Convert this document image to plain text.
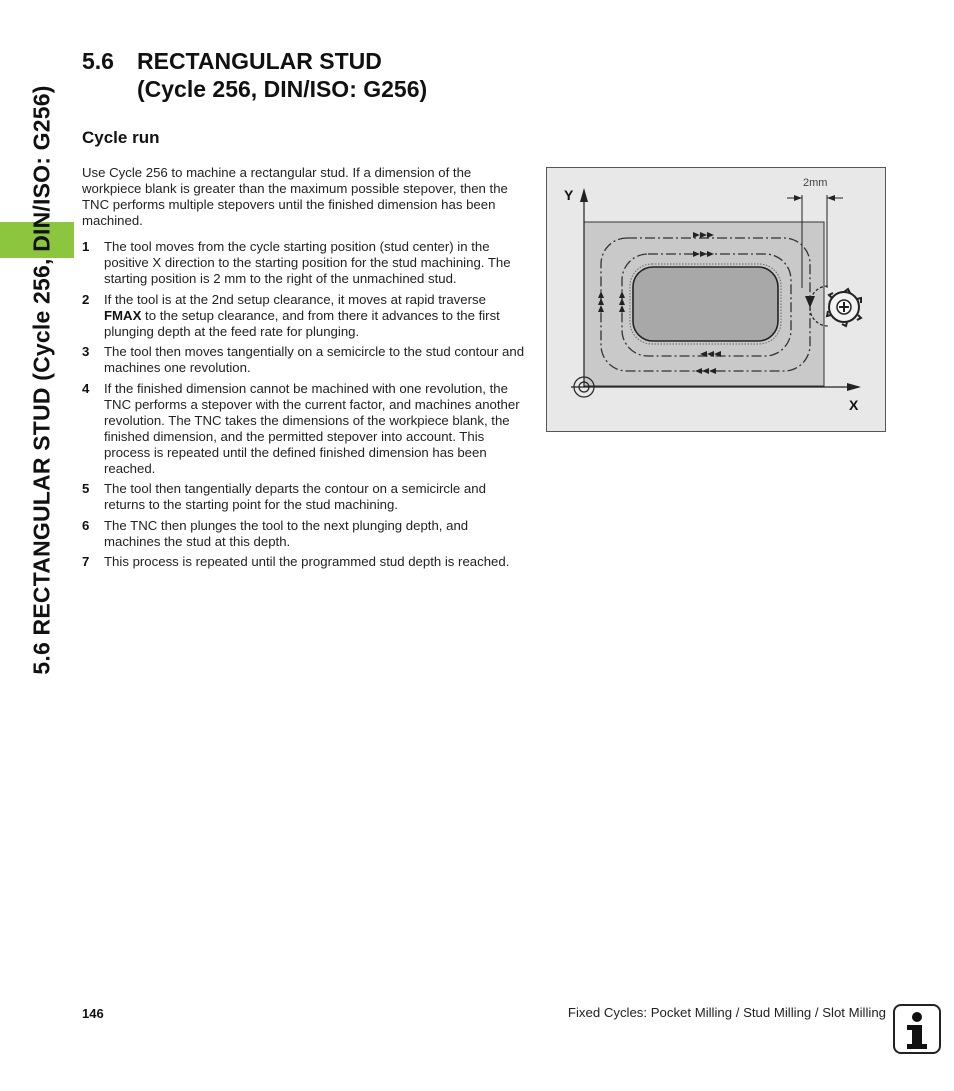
5.6 RECTANGULAR STUD (Cycle 256, DIN/ISO: G256)
5.6 RECTANGULAR STUD
(Cycle 256, DIN/ISO: G256)
Cycle run
Use Cycle 256 to machine a rectangular stud. If a dimension of the workpiece blank is greater than the maximum possible stepover, then the TNC performs multiple stepovers until the finished dimension has been machined.
1	The tool moves from the cycle starting position (stud center) in the positive X direction to the starting position for the stud machining. The starting position is 2 mm to the right of the unmachined stud.
2	If the tool is at the 2nd setup clearance, it moves at rapid traverse FMAX to the setup clearance, and from there it advances to the first plunging depth at the feed rate for plunging.
3	The tool then moves tangentially on a semicircle to the stud contour and machines one revolution.
4	If the finished dimension cannot be machined with one revolution, the TNC performs a stepover with the current factor, and machines another revolution. The TNC takes the dimensions of the workpiece blank, the finished dimension, and the permitted stepover into account. This process is repeated until the defined finished dimension has been reached.
5	The tool then tangentially departs the contour on a semicircle and returns to the starting point for the stud machining.
6	The TNC then plunges the tool to the next plunging depth, and machines the stud at this depth.
7	This process is repeated until the programmed stud depth is reached.
Y
X
2mm
146	Fixed Cycles: Pocket Milling / Stud Milling / Slot Milling
